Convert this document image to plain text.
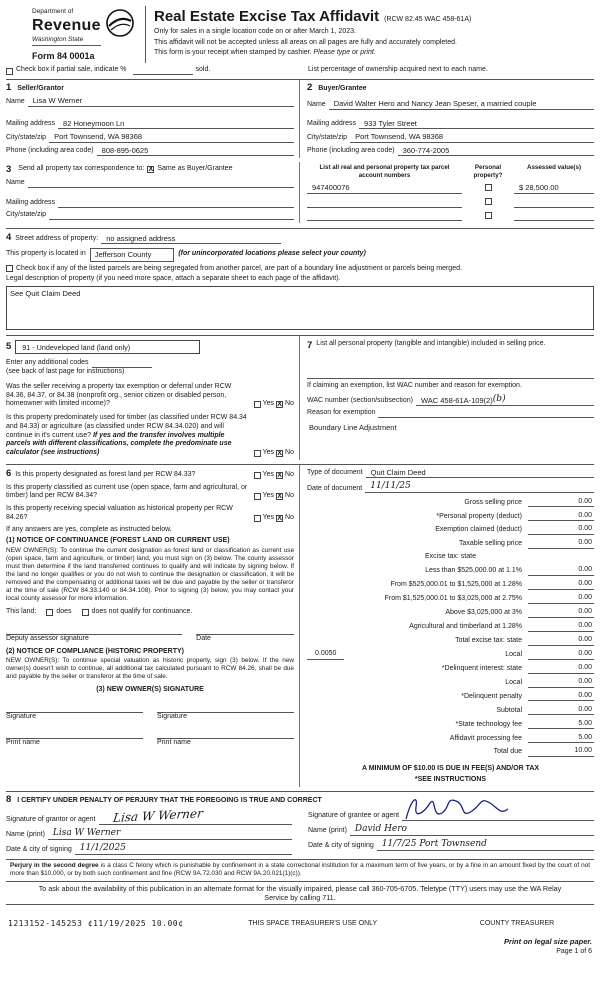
Department of
Revenue
Washington State
Form 84 0001a
Real Estate Excise Tax Affidavit (RCW 82.45 WAC 458-61A)
Only for sales in a single location code on or after March 1, 2023.
This affidavit will not be accepted unless all areas on all pages are fully and accurately completed.
This form is your receipt when stamped by cashier. Please type or print.
Check box if partial sale, indicate %	sold.	List percentage of ownership acquired next to each name.
1 Seller/Grantor
Name	Lisa W Werner
Mailing address	82 Honeymoon Ln
City/state/zip	Port Townsend, WA 98368
Phone (including area code)	808-895-0625
2 Buyer/Grantee
Name	David Walter Hero and Nancy Jean Speser, a married couple
Mailing address	933 Tyler Street
City/state/zip	Port Townsend, WA 98368
Phone (including area code)	360-774-2005
3 Send all property tax correspondence to: X Same as Buyer/Grantee
Name
Mailing address
City/state/zip
List all real and personal property tax parcel account numbers
Personal property?
Assessed value(s)
947400076	$ 28,500.00
4 Street address of property:	no assigned address
This property is located in	Jefferson County	(for unincorporated locations please select your county)
Check box if any of the listed parcels are being segregated from another parcel, are part of a boundary line adjustment or parcels being merged.
Legal description of property (if you need more space, attach a separate sheet to each page of the affidavit).
See Quit Claim Deed
5	91 - Undeveloped land (land only)
Enter any additional codes
(see back of last page for instructions)
Was the seller receiving a property tax exemption or deferral under RCW 84.36, 84.37, or 84.38 (nonprofit org., senior citizen or disabled person, homeowner with limited income)?	Yes X No
Is this property predominately used for timber (as classified under RCW 84.34 and 84.33) or agriculture (as classified under RCW 84.34.020) and will continue in it's current use? If yes and the transfer involves multiple parcels with different classifications, complete the predominate use calculator (see instructions)	Yes X No
7 List all personal property (tangible and intangible) included in selling price.
If claiming an exemption, list WAC number and reason for exemption.
WAC number (section/subsection)	WAC 458-61A-109(2) (b)
Reason for exemption
Boundary Line Adjustment
6 Is this property designated as forest land per RCW 84.33?	Yes X No
Is this property classified as current use (open space, farm and agricultural, or timber) land per RCW 84.34?	Yes X No
Is this property receiving special valuation as historical property per RCW 84.26?	Yes X No
If any answers are yes, complete as instructed below.
(1) NOTICE OF CONTINUANCE (FOREST LAND OR CURRENT USE)
NEW OWNER(S): To continue the current designation as forest land or classification as current use (open space, farm and agriculture, or timber) land, you must sign on (3) below. The county assessor must then determine if the land transferred continues to qualify and will indicate by signing below. If the land no longer qualifies or you do not wish to continue the designation or classification, it will be removed and the compensating or additional taxes will be due and payable by the seller or transferor at the time of sale (RCW 84.33.140 or 84.34.108). Prior to signing (3) below, you may contact your local county assessor for more information.
This land:	does	does not qualify for continuance.
Deputy assessor signature	Date
(2) NOTICE OF COMPLIANCE (HISTORIC PROPERTY)
NEW OWNER(S): To continue special valuation as historic property, sign (3) below. If the new owner(s) doesn't wish to continue, all additional tax calculated pursuant to RCW 84.26, shall be due and payable by the seller or transferor at the time of sale.
(3) NEW OWNER(S) SIGNATURE
Signature	Signature
Print name	Print name
Type of document	Quit Claim Deed
Date of document 11/11/25
Gross selling price	0.00
*Personal property (deduct)	0.00
Exemption claimed (deduct)	0.00
Taxable selling price	0.00
Excise tax: state
Less than $525,000.00 at 1.1%	0.00
From $525,000.01 to $1,525,000 at 1.28%	0.00
From $1,525,000.01 to $3,025,000 at 2.75%	0.00
Above $3,025,000 at 3%	0.00
Agricultural and timberland at 1.28%	0.00
Total excise tax: state	0.00
0.0050	Local	0.00
*Delinquent interest: state	0.00
Local	0.00
*Delinquent penalty	0.00
Subtotal	0.00
*State technology fee	5.00
Affidavit processing fee	5.00
Total due	10.00
A MINIMUM OF $10.00 IS DUE IN FEE(S) AND/OR TAX
*SEE INSTRUCTIONS
8 I CERTIFY UNDER PENALTY OF PERJURY THAT THE FOREGOING IS TRUE AND CORRECT
Signature of grantor or agent	Lisa W Werner
Name (print) Lisa W Werner
Date & city of signing 11/1/2025
Signature of grantee or agent
Name (print) David Hero
Date & city of signing 11/7/25 Port Townsend
Perjury in the second degree is a class C felony which is punishable by confinement in a state correctional institution for a maximum term of five years, or by a fine in an amount fixed by the court of not more than $10,000, or by both such confinement and fine (RCW 9A.72.030 and RCW 9A.20.021(1)(c)).
To ask about the availability of this publication in an alternate format for the visually impaired, please call 360-705-6705. Teletype (TTY) users may use the WA Relay Service by calling 711.
1213152-145253 ¢11/19/2025 10.00¢	THIS SPACE TREASURER'S USE ONLY	COUNTY TREASURER
Print on legal size paper.
Page 1 of 6
